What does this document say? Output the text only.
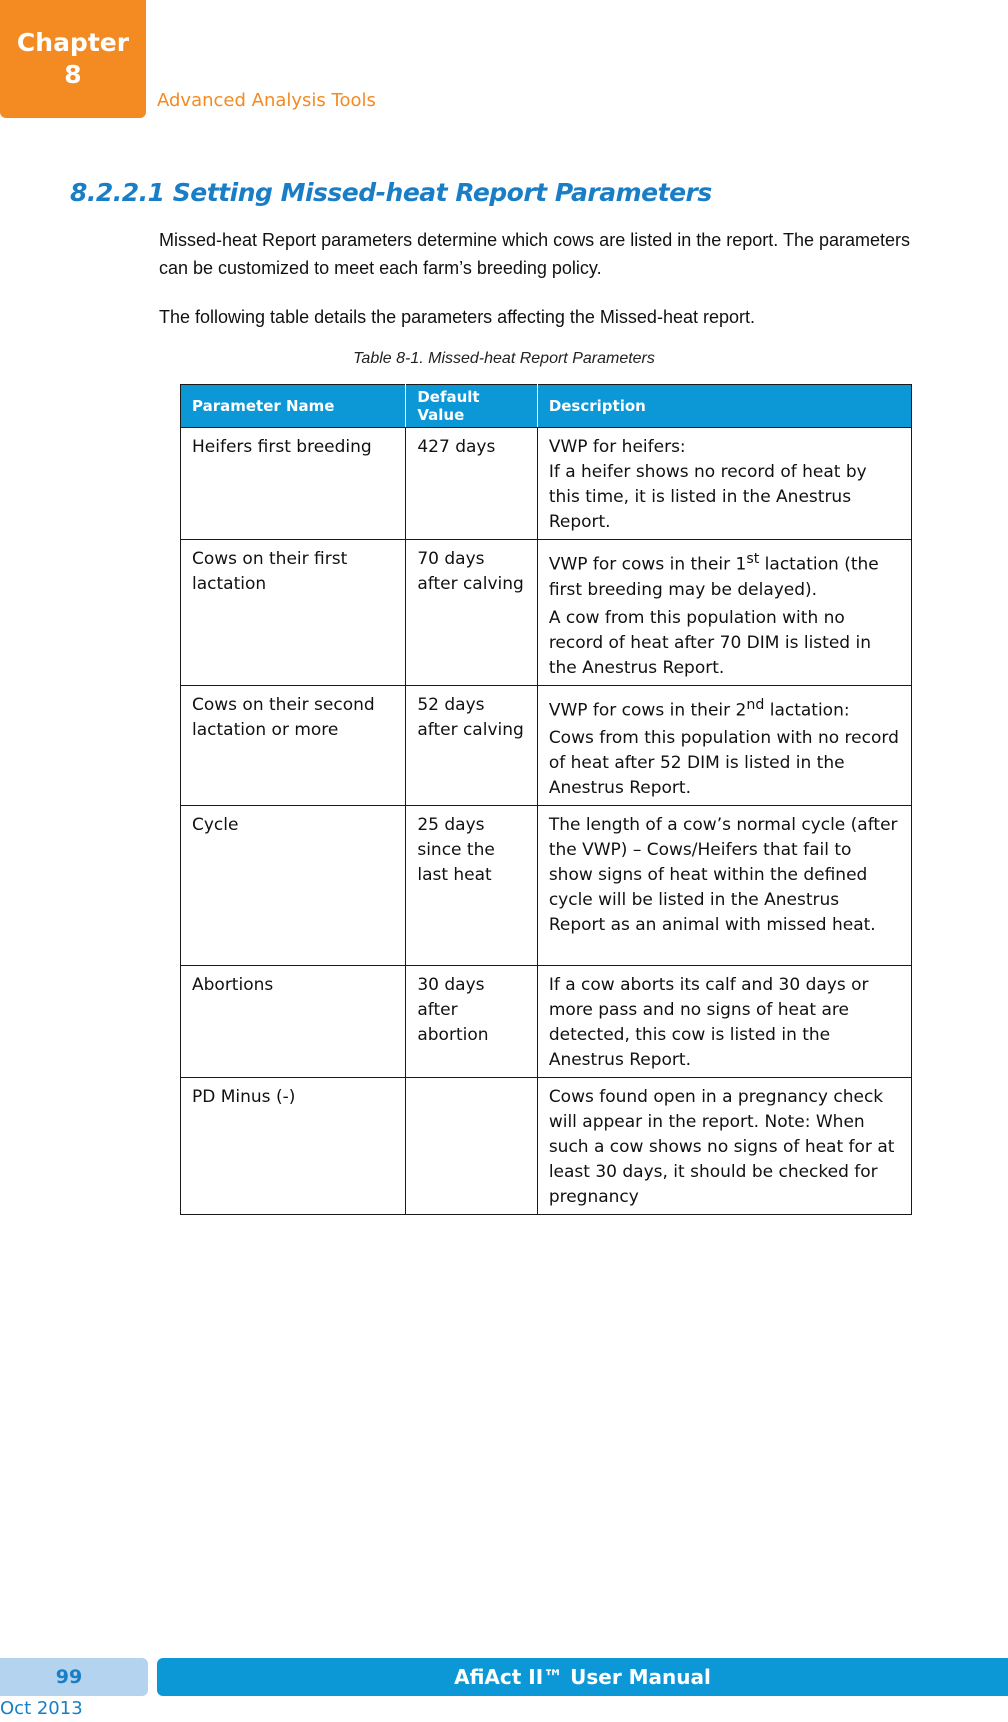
Chapter
8
Advanced Analysis Tools
8.2.2.1 Setting Missed-heat Report Parameters
Missed-heat Report parameters determine which cows are listed in the report. The parameters can be customized to meet each farm’s breeding policy.
The following table details the parameters affecting the Missed-heat report.
Table 8-1. Missed-heat Report Parameters
Parameter Name	Default Value	Description
Heifers first breeding	427 days	VWP for heifers:
If a heifer shows no record of heat by this time, it is listed in the Anestrus Report.

Cows on their first lactation	70 days after calving	VWP for cows in their 1st lactation (the first breeding may be delayed).

A cow from this population with no record of heat after 70 DIM is listed in the Anestrus Report.

Cows on their second lactation or more	52 days after calving	VWP for cows in their 2nd lactation:

Cows from this population with no record of heat after 52 DIM is listed in the Anestrus Report.

Cycle	25 days since the last heat	The length of a cow’s normal cycle (after the VWP) – Cows/Heifers that fail to show signs of heat within the defined cycle will be listed in the Anestrus Report as an animal with missed heat.
Abortions	30 days after abortion	If a cow aborts its calf and 30 days or more pass and no signs of heat are detected, this cow is listed in the Anestrus Report.
PD Minus (-)		Cows found open in a pregnancy check will appear in the report. Note: When such a cow shows no signs of heat for at least 30 days, it should be checked for pregnancy
99	AfiAct II™ User Manual
Oct 2013
